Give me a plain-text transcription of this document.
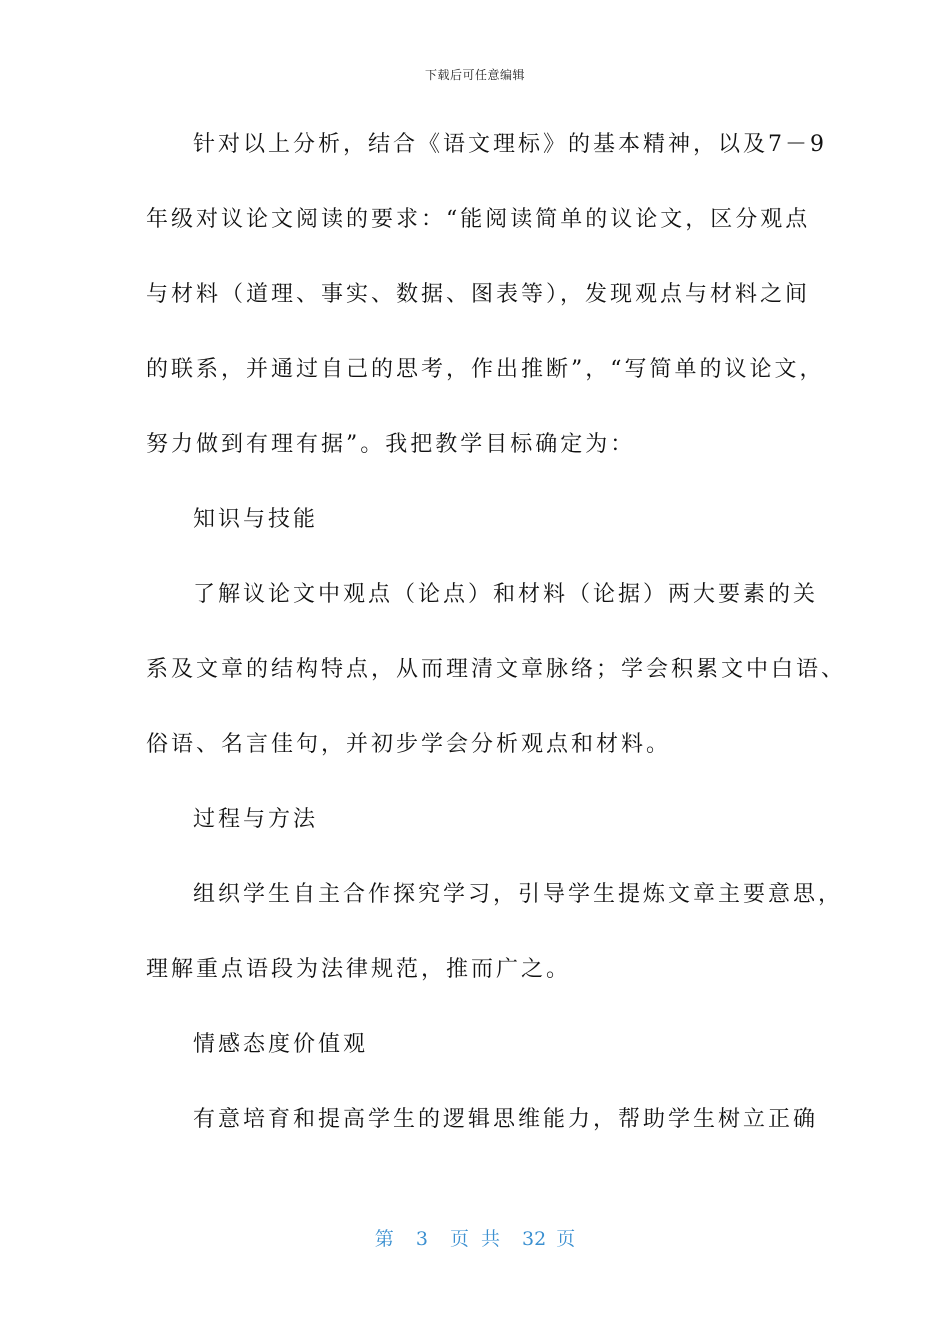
下载后可任意编辑
针对以上分析，结合《语文理标》的基本精神，以及7－9
年级对议论文阅读的要求：“能阅读简单的议论文，区分观点
与材料（道理、事实、数据、图表等），发现观点与材料之间
的联系，并通过自己的思考，作出推断”，“写简单的议论文，
努力做到有理有据”。我把教学目标确定为：
知识与技能
了解议论文中观点（论点）和材料（论据）两大要素的关
系及文章的结构特点，从而理清文章脉络；学会积累文中白语、
俗语、名言佳句，并初步学会分析观点和材料。
过程与方法
组织学生自主合作探究学习，引导学生提炼文章主要意思，
理解重点语段为法律规范，推而广之。
情感态度价值观
有意培育和提高学生的逻辑思维能力，帮助学生树立正确
第 3 页 共 32 页
